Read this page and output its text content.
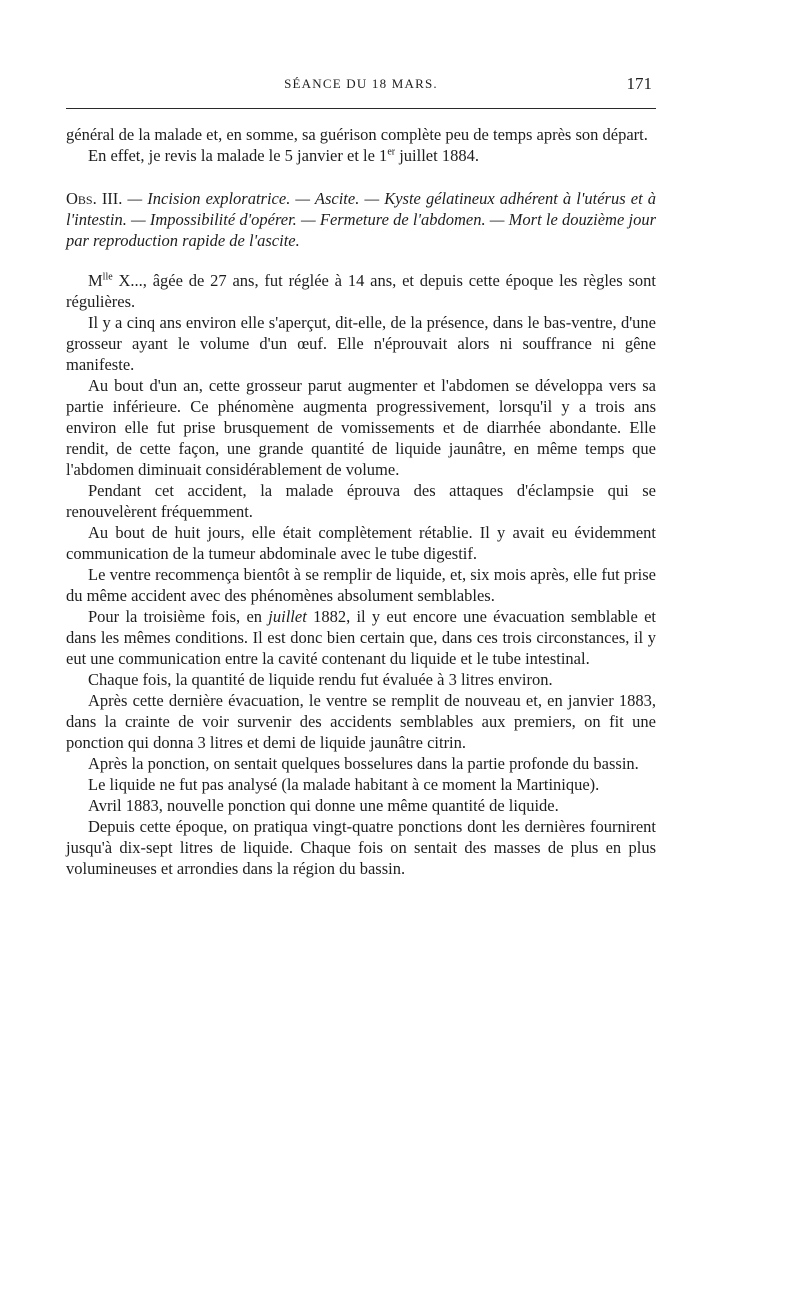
SÉANCE DU 18 MARS.	171

général de la malade et, en somme, sa guérison complète peu de temps après son départ.

En effet, je revis la malade le 5 janvier et le 1er juillet 1884.

Obs. III. — Incision exploratrice. — Ascite. — Kyste gélatineux adhérent à l'utérus et à l'intestin. — Impossibilité d'opérer. — Fermeture de l'abdomen. — Mort le douzième jour par reproduction rapide de l'ascite.

$M^{lle}$ X..., âgée de 27 ans, fut réglée à 14 ans, et depuis cette époque les règles sont régulières.

Il y a cinq ans environ elle s'aperçut, dit-elle, de la présence, dans le bas-ventre, d'une grosseur ayant le volume d'un œuf. Elle n'éprouvait alors ni souffrance ni gêne manifeste.

Au bout d'un an, cette grosseur parut augmenter et l'abdomen se développa vers sa partie inférieure. Ce phénomène augmenta progressivement, lorsqu'il y a trois ans environ elle fut prise brusquement de vomissements et de diarrhée abondante. Elle rendit, de cette façon, une grande quantité de liquide jaunâtre, en même temps que l'abdomen diminuait considérablement de volume.

Pendant cet accident, la malade éprouva des attaques d'éclampsie qui se renouvelèrent fréquemment.

Au bout de huit jours, elle était complètement rétablie. Il y avait eu évidemment communication de la tumeur abdominale avec le tube digestif.

Le ventre recommença bientôt à se remplir de liquide, et, six mois après, elle fut prise du même accident avec des phénomènes absolument semblables.

Pour la troisième fois, en juillet 1882, il y eut encore une évacuation semblable et dans les mêmes conditions. Il est donc bien certain que, dans ces trois circonstances, il y eut une communication entre la cavité contenant du liquide et le tube intestinal.

Chaque fois, la quantité de liquide rendu fut évaluée à 3 litres environ.

Après cette dernière évacuation, le ventre se remplit de nouveau et, en janvier 1883, dans la crainte de voir survenir des accidents semblables aux premiers, on fit une ponction qui donna 3 litres et demi de liquide jaunâtre citrin.

Après la ponction, on sentait quelques bosselures dans la partie profonde du bassin.

Le liquide ne fut pas analysé (la malade habitant à ce moment la Martinique).

Avril 1883, nouvelle ponction qui donne une même quantité de liquide.

Depuis cette époque, on pratiqua vingt-quatre ponctions dont les dernières fournirent jusqu'à dix-sept litres de liquide. Chaque fois on sentait des masses de plus en plus volumineuses et arrondies dans la région du bassin.
